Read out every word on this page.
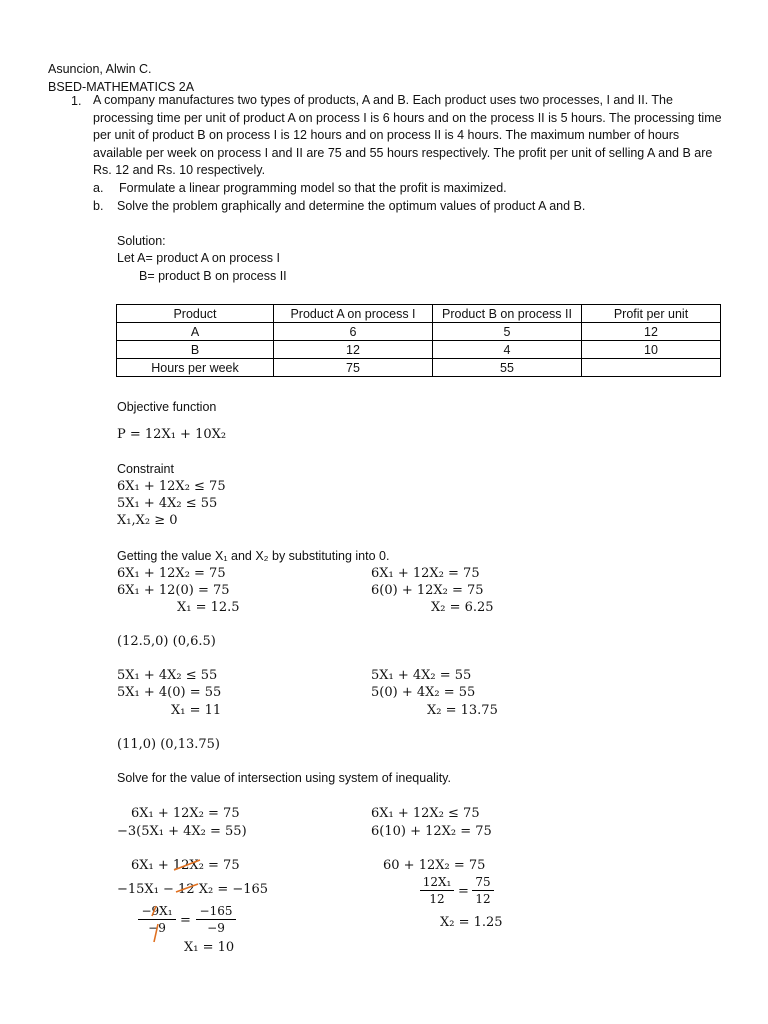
Asuncion, Alwin C.
BSED-MATHEMATICS 2A
1. A company manufactures two types of products, A and B. Each product uses two processes, I and II. The processing time per unit of product A on process I is 6 hours and on the process II is 5 hours. The processing time per unit of product B on process I is 12 hours and on process II is 4 hours. The maximum number of hours available per week on process I and II are 75 and 55 hours respectively. The profit per unit of selling A and B are Rs. 12 and Rs. 10 respectively.
a. Formulate a linear programming model so that the profit is maximized.
b. Solve the problem graphically and determine the optimum values of product A and B.
Solution:
Let A= product A on process I
B= product B on process II
Product	Product A on process I	Product B on process II	Profit per unit
A	6	5	12
B	12	4	10
Hours per week	75	55	
Objective function
P = 12X₁ + 10X₂
Constraint
6X₁ + 12X₂ ≤ 75
5X₁ + 4X₂ ≤ 55
X₁,X₂ ≥ 0
Getting the value X₁ and X₂ by substituting into 0.
6X₁ + 12X₂ = 75
6X₁ + 12(0) = 75
X₁ = 12.5
6X₁ + 12X₂ = 75
6(0) + 12X₂ = 75
X₂ = 6.25
(12.5,0) (0,6.5)
5X₁ + 4X₂ ≤ 55
5X₁ + 4(0) = 55
X₁ = 11
5X₁ + 4X₂ = 55
5(0) + 4X₂ = 55
X₂ = 13.75
(11,0) (0,13.75)
Solve for the value of intersection using system of inequality.
6X₁ + 12X₂ = 75
−3(5X₁ + 4X₂ = 55)
6X₁ + 12X₂ = 75
−15X₁ − 12 X₂ = −165
−9X₁
−9	=
−165
−9
X₁ = 10
6X₁ + 12X₂ ≤ 75
6(10) + 12X₂ = 75
60 + 12X₂ = 75
12X₁
12	=
75
12
X₂ = 1.25
